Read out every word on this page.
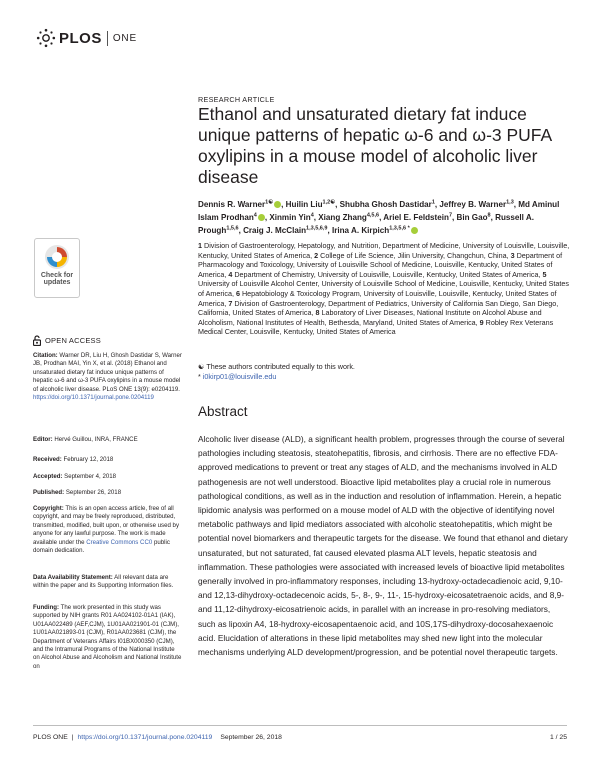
PLOS ONE
RESEARCH ARTICLE
Ethanol and unsaturated dietary fat induce unique patterns of hepatic ω-6 and ω-3 PUFA oxylipins in a mouse model of alcoholic liver disease
Dennis R. Warner$^{1☯}$ , Huilin Liu$^{1,2☯}$, Shubha Ghosh Dastidar$^1$, Jeffrey B. Warner$^{1,3}$, Md Aminul Islam Prodhan$^4$ , Xinmin Yin$^4$, Xiang Zhang$^{4,5,6}$, Ariel E. Feldstein$^7$, Bin Gao$^8$, Russell A. Prough$^{1,5,6}$, Craig J. McClain$^{1,3,5,6,9}$, Irina A. Kirpich$^{1,3,5,6 *}$
1 Division of Gastroenterology, Hepatology, and Nutrition, Department of Medicine, University of Louisville, Louisville, Kentucky, United States of America, 2 College of Life Science, Jilin University, Changchun, China, 3 Department of Pharmacology and Toxicology, University of Louisville School of Medicine, Louisville, Kentucky, United States of America, 4 Department of Chemistry, University of Louisville, Louisville, Kentucky, United States of America, 5 University of Louisville Alcohol Center, University of Louisville School of Medicine, Louisville, Kentucky, United States of America, 6 Hepatobiology & Toxicology Program, University of Louisville, Louisville, Kentucky, United States of America, 7 Division of Gastroenterology, Department of Pediatrics, University of California San Diego, San Diego, California, United States of America, 8 Laboratory of Liver Diseases, National Institute on Alcohol Abuse and Alcoholism, National Institutes of Health, Bethesda, Maryland, United States of America, 9 Robley Rex Veterans Medical Center, Louisville, Kentucky, United States of America
☯ These authors contributed equally to this work.
* i0kirp01@louisville.edu
Abstract

Alcoholic liver disease (ALD), a significant health problem, progresses through the course of several pathologies including steatosis, steatohepatitis, fibrosis, and cirrhosis. There are no effective FDA-approved medications to prevent or treat any stages of ALD, and the mechanisms involved in ALD pathogenesis are not well understood. Bioactive lipid metabolites play a crucial role in numerous pathological conditions, as well as in the induction and resolution of inflammation. Herein, a hepatic lipidomic analysis was performed on a mouse model of ALD with the objective of identifying novel metabolic pathways and lipid mediators associated with alcoholic steatohepatitis, which might be potential novel biomarkers and therapeutic targets for the disease. We found that ethanol and dietary unsaturated, but not saturated, fat caused elevated plasma ALT levels, hepatic steatosis and inflammation. These pathologies were associated with increased levels of bioactive lipid metabolites generally involved in pro-inflammatory responses, including 13-hydroxy-octadecadienoic acid, 9,10- and 12,13-dihydroxy-octadecenoic acids, 5-, 8-, 9-, 11-, 15-hydroxy-eicosatetraenoic acids, and 8,9- and 11,12-dihydroxy-eicosatrienoic acids, in parallel with an increase in pro-resolving mediators, such as lipoxin A4, 18-hydroxy-eicosapentaenoic acid, and 10S,17S-dihydroxy-docosahexaenoic acid. Elucidation of alterations in these lipid metabolites may shed new light into the molecular mechanisms underlying ALD development/progression, and be potential novel therapeutic targets.

Check for
updates
OPEN ACCESS
Citation: Warner DR, Liu H, Ghosh Dastidar S, Warner JB, Prodhan MAI, Yin X, et al. (2018) Ethanol and unsaturated dietary fat induce unique patterns of hepatic ω-6 and ω-3 PUFA oxylipins in a mouse model of alcoholic liver disease. PLoS ONE 13(9): e0204119. https://doi.org/10.1371/journal.pone.0204119
Editor: Hervé Guillou, INRA, FRANCE
Received: February 12, 2018
Accepted: September 4, 2018
Published: September 26, 2018
Copyright: This is an open access article, free of all copyright, and may be freely reproduced, distributed, transmitted, modified, built upon, or otherwise used by anyone for any lawful purpose. The work is made available under the Creative Commons CC0 public domain dedication.
Data Availability Statement: All relevant data are within the paper and its Supporting Information files.
Funding: The work presented in this study was supported by NIH grants R01 AA024102-01A1 (IAK), U01AA022489 (AEF,CJM), 1U01AA021901-01 (CJM), 1U01AA021893-01 (CJM), R01AA023681 (CJM), the Department of Veterans Affairs I01BX000350 (CJM), and the Intramural Programs of the National Institute on Alcohol Abuse and Alcoholism and National Institute on
PLOS ONE | https://doi.org/10.1371/journal.pone.0204119 September 26, 2018	1 / 25
